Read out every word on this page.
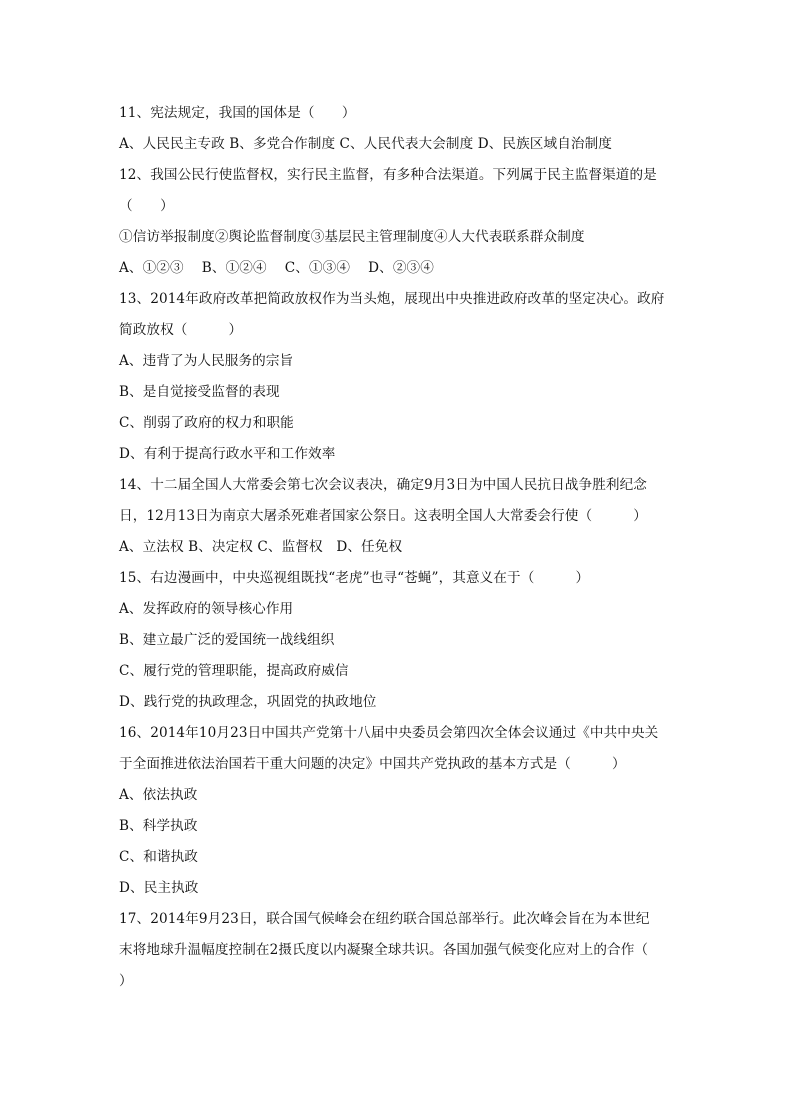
11、宪法规定，我国的国体是（　　）
A、人民民主专政 B、多党合作制度 C、人民代表大会制度 D、民族区域自治制度
12、我国公民行使监督权，实行民主监督，有多种合法渠道。下列属于民主监督渠道的是
（　　）
①信访举报制度②舆论监督制度③基层民主管理制度④人大代表联系群众制度
A、①②③　 B、①②④　 C、①③④　 D、②③④
13、2014年政府改革把简政放权作为当头炮，展现出中央推进政府改革的坚定决心。政府
简政放权（　　　）
A、违背了为人民服务的宗旨
B、是自觉接受监督的表现
C、削弱了政府的权力和职能
D、有利于提高行政水平和工作效率
14、十二届全国人大常委会第七次会议表决，确定9月3日为中国人民抗日战争胜利纪念
日，12月13日为南京大屠杀死难者国家公祭日。这表明全国人大常委会行使（　　　）
A、立法权 B、决定权 C、监督权　D、任免权
15、右边漫画中，中央巡视组既找“老虎”也寻“苍蝇”，其意义在于（　　　）
A、发挥政府的领导核心作用
B、建立最广泛的爱国统一战线组织
C、履行党的管理职能，提高政府威信
D、践行党的执政理念，巩固党的执政地位
16、2014年10月23日中国共产党第十八届中央委员会第四次全体会议通过《中共中央关
于全面推进依法治国若干重大问题的决定》中国共产党执政的基本方式是（　　　）
A、依法执政
B、科学执政
C、和谐执政
D、民主执政
17、2014年9月23日，联合国气候峰会在纽约联合国总部举行。此次峰会旨在为本世纪
末将地球升温幅度控制在2摄氏度以内凝聚全球共识。各国加强气候变化应对上的合作（
）
